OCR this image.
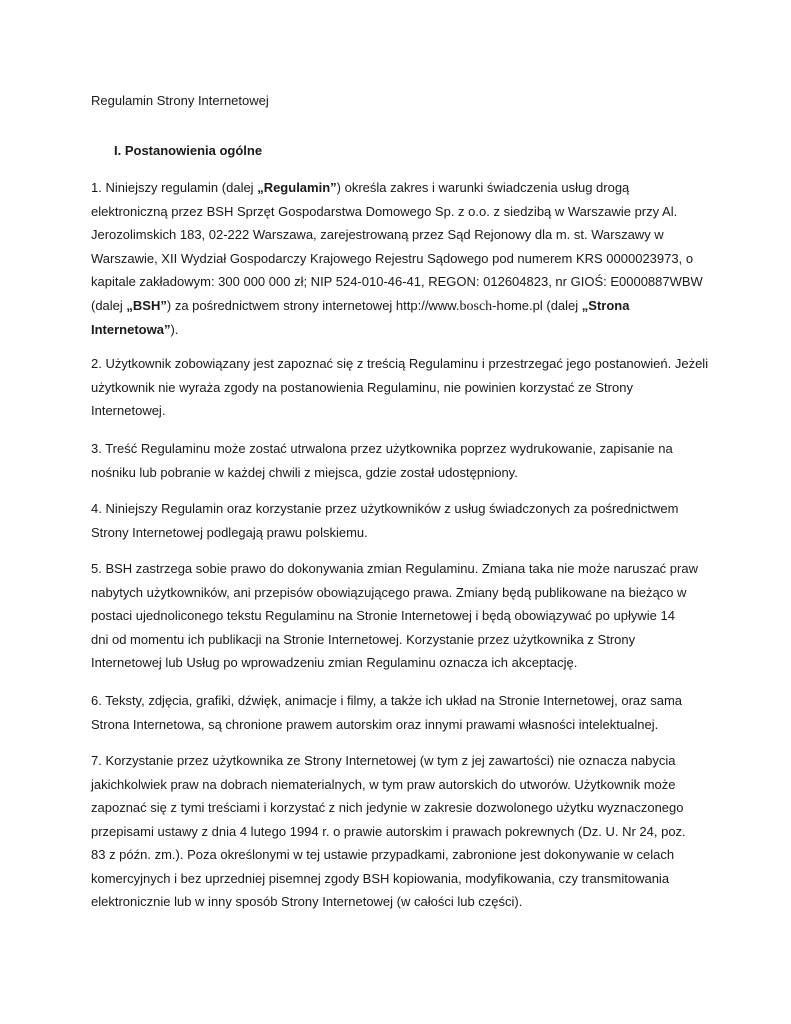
Regulamin Strony Internetowej
I. Postanowienia ogólne
1. Niniejszy regulamin (dalej „Regulamin”) określa zakres i warunki świadczenia usług drogą
elektroniczną przez BSH Sprzęt Gospodarstwa Domowego Sp. z o.o. z siedzibą w Warszawie przy Al.
Jerozolimskich 183, 02-222 Warszawa, zarejestrowaną przez Sąd Rejonowy dla m. st. Warszawy w
Warszawie, XII Wydział Gospodarczy Krajowego Rejestru Sądowego pod numerem KRS 0000023973, o
kapitale zakładowym: 300 000 000 zł; NIP 524-010-46-41, REGON: 012604823, nr GIOŚ: E0000887WBW
(dalej „BSH”) za pośrednictwem strony internetowej http://www.bosch-home.pl (dalej „Strona
Internetowa”).
2. Użytkownik zobowiązany jest zapoznać się z treścią Regulaminu i przestrzegać jego postanowień. Jeżeli
użytkownik nie wyraża zgody na postanowienia Regulaminu, nie powinien korzystać ze Strony
Internetowej.
3. Treść Regulaminu może zostać utrwalona przez użytkownika poprzez wydrukowanie, zapisanie na
nośniku lub pobranie w każdej chwili z miejsca, gdzie został udostępniony.
4. Niniejszy Regulamin oraz korzystanie przez użytkowników z usług świadczonych za pośrednictwem
Strony Internetowej podlegają prawu polskiemu.
5. BSH zastrzega sobie prawo do dokonywania zmian Regulaminu. Zmiana taka nie może naruszać praw
nabytych użytkowników, ani przepisów obowiązującego prawa. Zmiany będą publikowane na bieżąco w
postaci ujednoliconego tekstu Regulaminu na Stronie Internetowej i będą obowiązywać po upływie 14
dni od momentu ich publikacji na Stronie Internetowej. Korzystanie przez użytkownika z Strony
Internetowej lub Usług po wprowadzeniu zmian Regulaminu oznacza ich akceptację.
6. Teksty, zdjęcia, grafiki, dźwięk, animacje i filmy, a także ich układ na Stronie Internetowej, oraz sama
Strona Internetowa, są chronione prawem autorskim oraz innymi prawami własności intelektualnej.
7. Korzystanie przez użytkownika ze Strony Internetowej (w tym z jej zawartości) nie oznacza nabycia
jakichkolwiek praw na dobrach niematerialnych, w tym praw autorskich do utworów. Użytkownik może
zapoznać się z tymi treściami i korzystać z nich jedynie w zakresie dozwolonego użytku wyznaczonego
przepisami ustawy z dnia 4 lutego 1994 r. o prawie autorskim i prawach pokrewnych (Dz. U. Nr 24, poz.
83 z późn. zm.). Poza określonymi w tej ustawie przypadkami, zabronione jest dokonywanie w celach
komercyjnych i bez uprzedniej pisemnej zgody BSH kopiowania, modyfikowania, czy transmitowania
elektronicznie lub w inny sposób Strony Internetowej (w całości lub części).
